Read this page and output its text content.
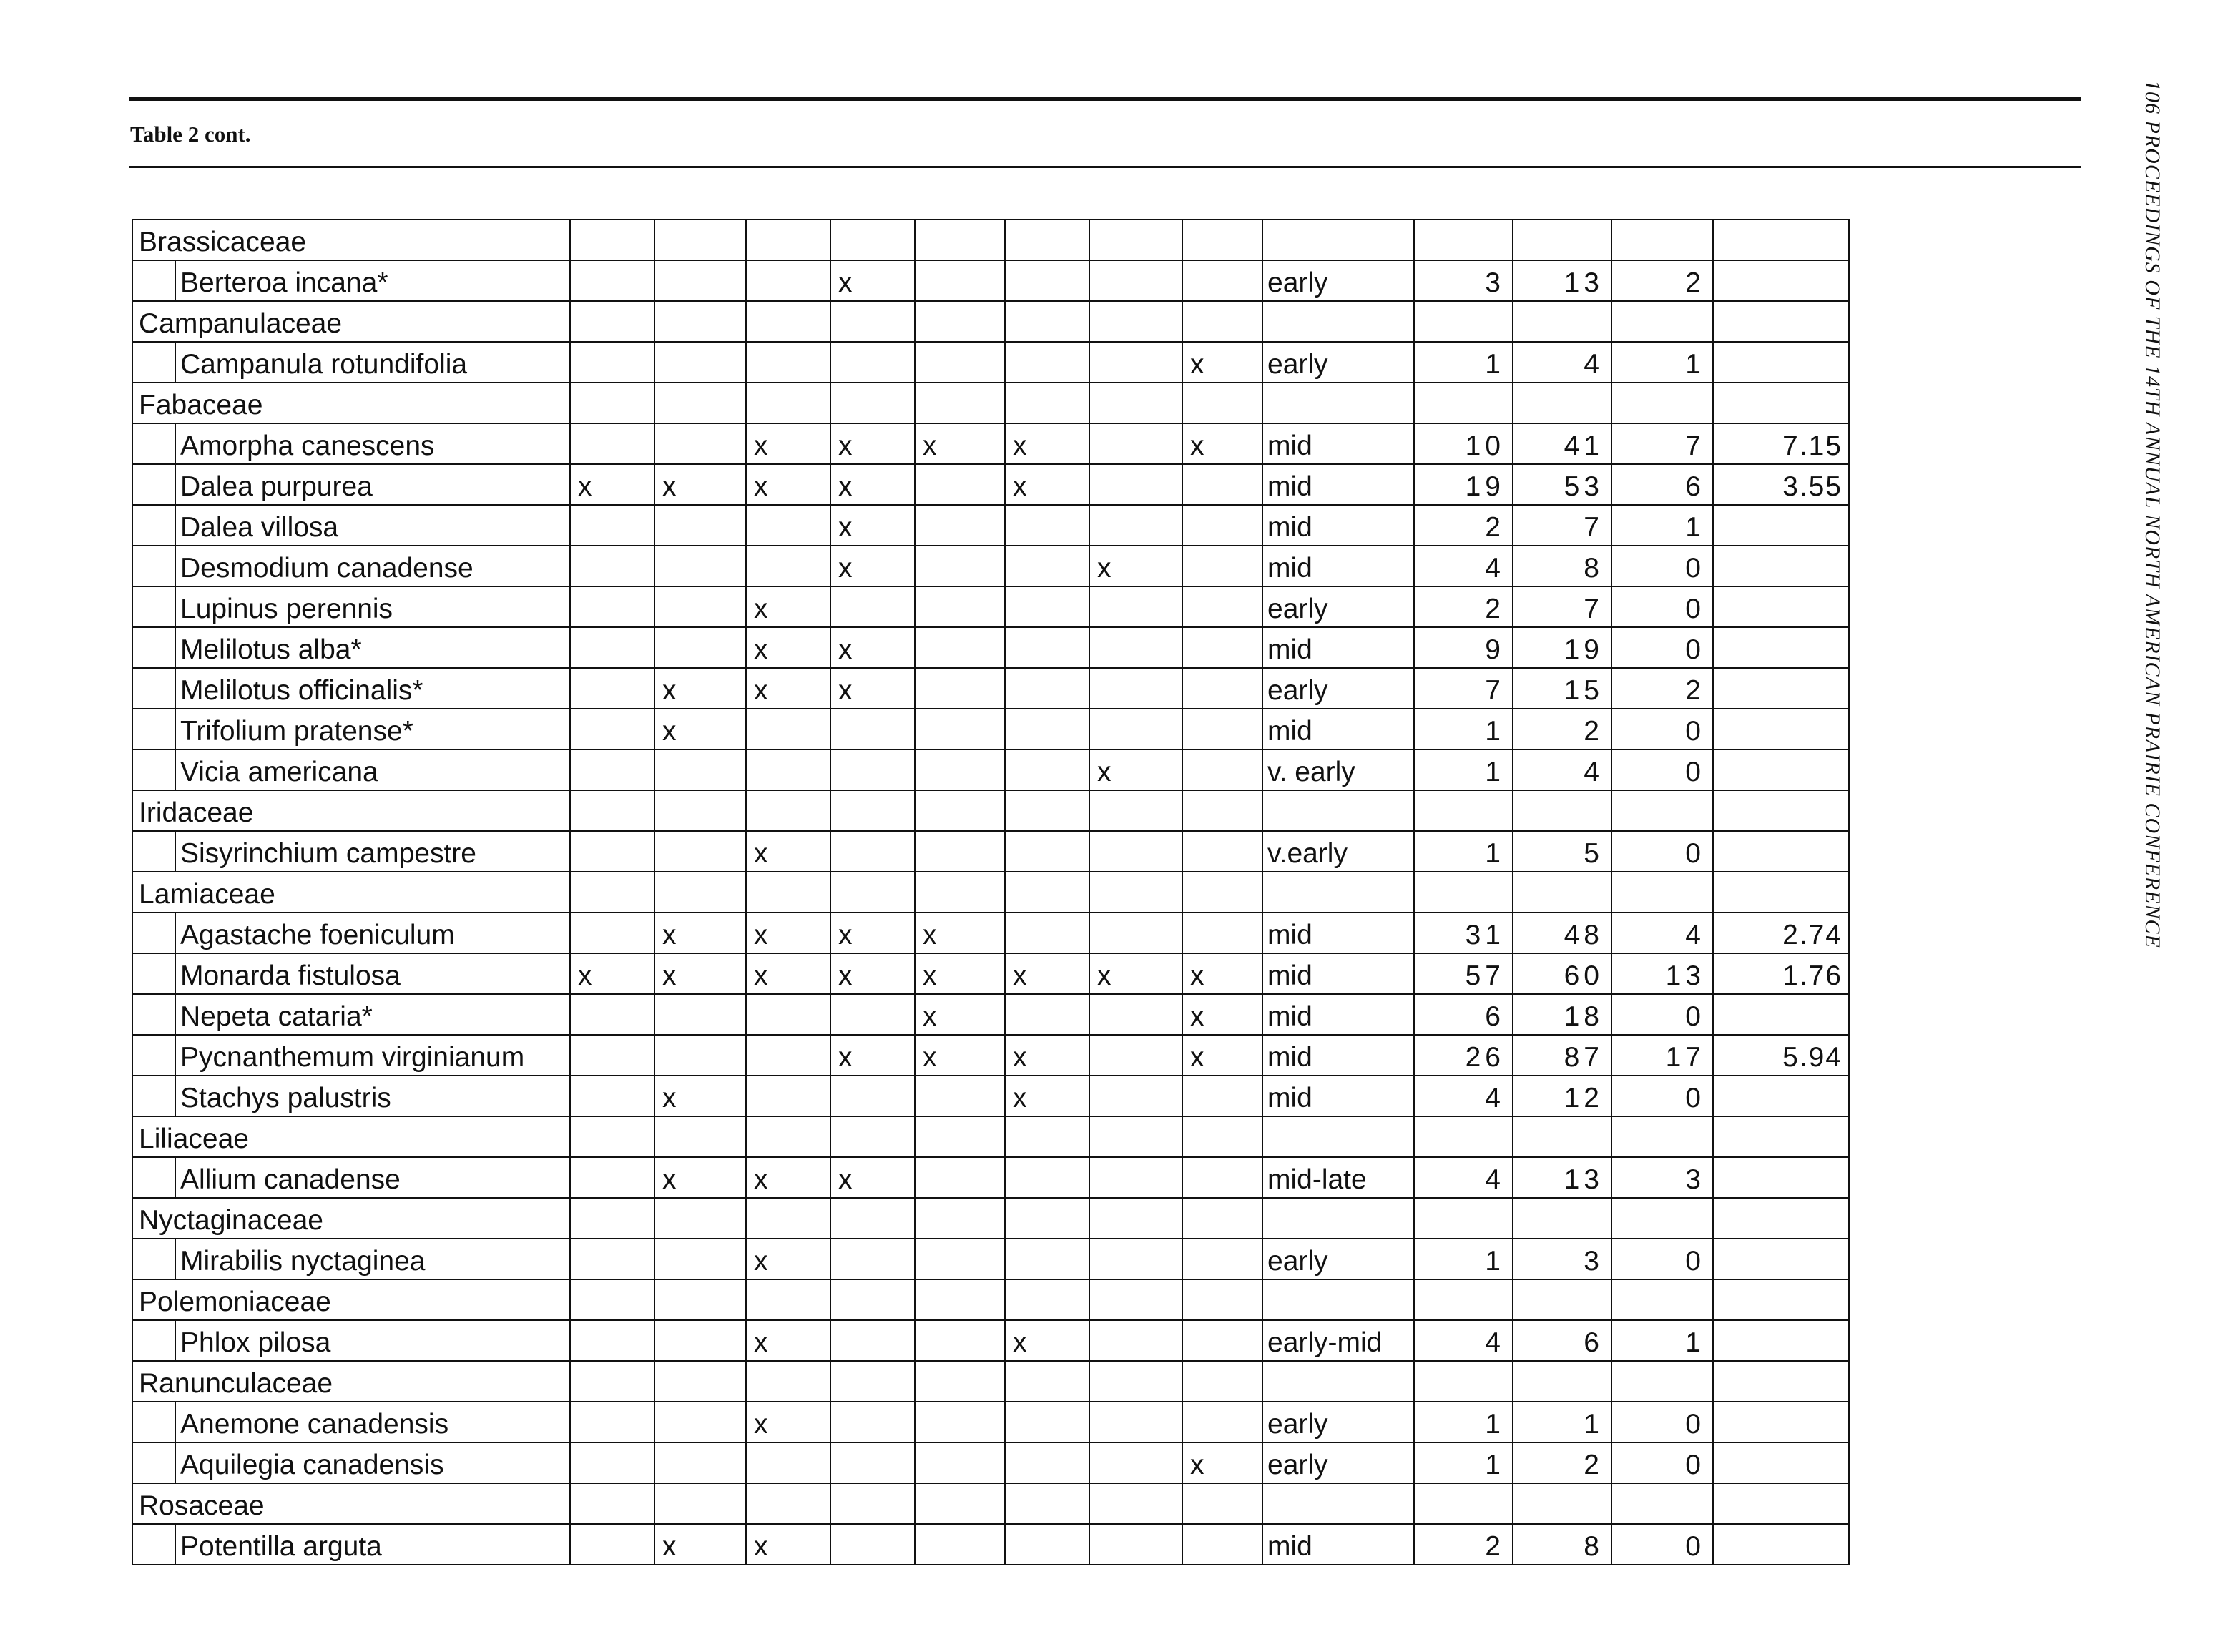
Table 2 cont.	106 PROCEEDINGS OF THE 14TH ANNUAL NORTH AMERICAN PRAIRIE CONFERENCE
Brassicaceae														
	Berteroa incana*				x					early	3	13	2	
Campanulaceae														
	Campanula rotundifolia								x	early	1	4	1	
Fabaceae														
	Amorpha canescens			x	x	x	x		x	mid	10	41	7	7.15
	Dalea purpurea	x	x	x	x		x			mid	19	53	6	3.55
	Dalea villosa				x					mid	2	7	1	
	Desmodium canadense				x			x		mid	4	8	0	
	Lupinus perennis			x						early	2	7	0	
	Melilotus alba*			x	x					mid	9	19	0	
	Melilotus officinalis*		x	x	x					early	7	15	2	
	Trifolium pratense*		x							mid	1	2	0	
	Vicia americana							x		v. early	1	4	0	
Iridaceae														
	Sisyrinchium campestre			x						v.early	1	5	0	
Lamiaceae														
	Agastache foeniculum		x	x	x	x				mid	31	48	4	2.74
	Monarda fistulosa	x	x	x	x	x	x	x	x	mid	57	60	13	1.76
	Nepeta cataria*					x			x	mid	6	18	0	
	Pycnanthemum virginianum				x	x	x		x	mid	26	87	17	5.94
	Stachys palustris		x				x			mid	4	12	0	
Liliaceae														
	Allium canadense		x	x	x					mid-late	4	13	3	
Nyctaginaceae														
	Mirabilis nyctaginea			x						early	1	3	0	
Polemoniaceae														
	Phlox pilosa			x			x			early-mid	4	6	1	
Ranunculaceae														
	Anemone canadensis			x						early	1	1	0	
	Aquilegia canadensis								x	early	1	2	0	
Rosaceae														
	Potentilla arguta		x	x						mid	2	8	0	
